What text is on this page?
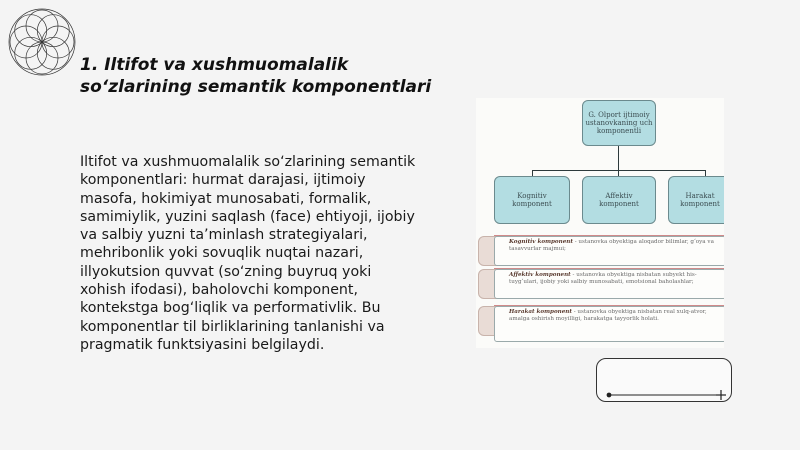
1. Iltifot va xushmuomalalik
so‘zlarining semantik komponentlari
Iltifot va xushmuomalalik so‘zlarining semantik komponentlari: hurmat darajasi, ijtimoiy masofa, hokimiyat munosabati, formalik, samimiylik, yuzini saqlash (face) ehtiyoji, ijobiy va salbiy yuzni ta’minlash strategiyalari, mehribonlik yoki sovuqlik nuqtai nazari, illyokutsion quvvat (so‘zning buyruq yoki xohish ifodasi), baholovchi komponent, kontekstga bog‘liqlik va performativlik. Bu komponentlar til birliklarining tanlanishi va pragmatik funktsiyasini belgilaydi.
G. Olport ijtimoiy ustanovkaning uch komponentli
Kognitiv komponent
Affektiv komponent
Harakat komponent
Kognitiv komponent - ustanovka obyektiga aloqador bilimlar, g‘oya va tasavvurlar majmui;
Affektiv komponent - ustanovka obyektiga nisbatan subyekt his-tuyg‘ulari, ijobiy yoki salbiy munosabati, emotsional baholashlar;
Harakat komponent - ustanovka obyektiga nisbatan real xulq-atvor, amalga oshirish moyilligi, harakatga tayyorlik holati.
